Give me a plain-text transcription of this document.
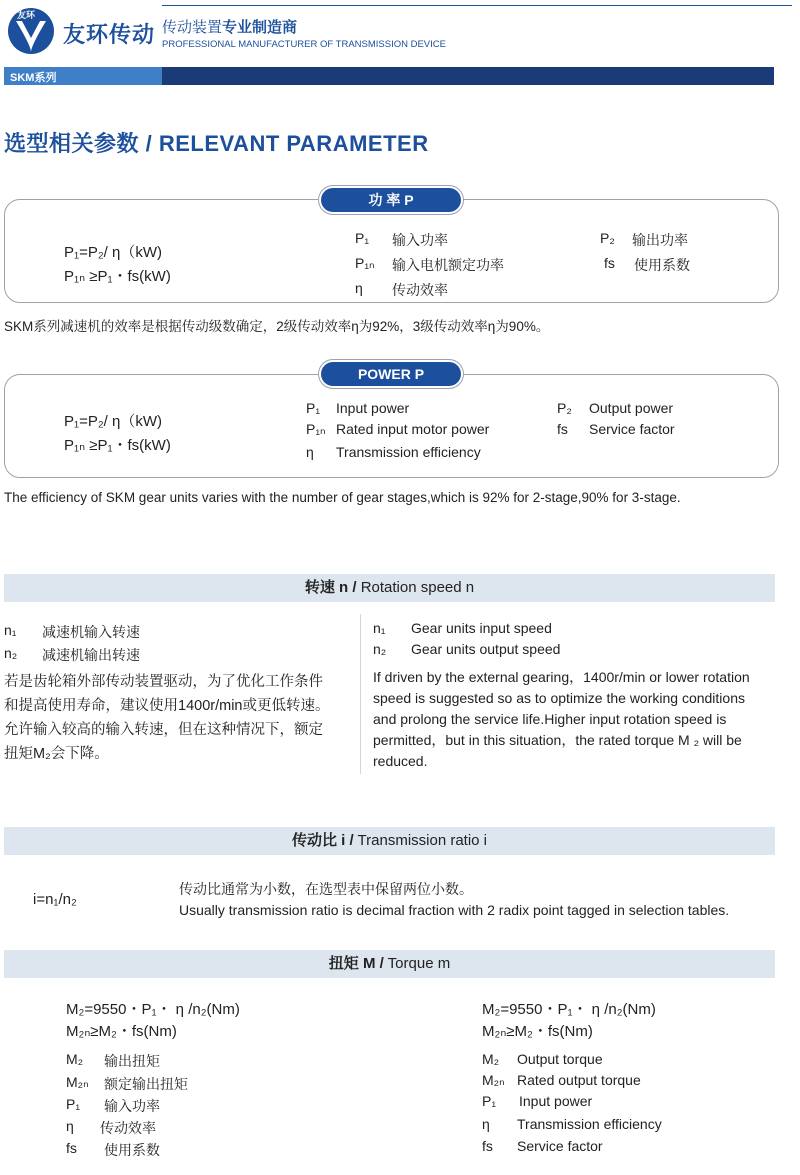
友环
友环传动 传动装置专业制造商
PROFESSIONAL MANUFACTURER OF TRANSMISSION DEVICE
SKM系列
选型相关参数 / RELEVANT PARAMETER
功 率 P
P₁=P₂/ η（kW)
P₁ₙ ≥P₁・fs(kW)
P₁ 输入功率
P₁ₙ 输入电机额定功率
η 传动效率
P₂ 输出功率
fs 使用系数
SKM系列减速机的效率是根据传动级数确定，2级传动效率η为92%，3级传动效率η为90%。
POWER P
P₁=P₂/ η（kW)
P₁ₙ ≥P₁・fs(kW)
P₁ Input power
P₁ₙ Rated input motor power
η Transmission efficiency
P₂ Output power
fs Service factor
The efficiency of SKM gear units varies with the number of gear stages,which is 92% for 2-stage,90% for 3-stage.
转速 n / Rotation speed n
n₁ 减速机输入转速
n₂ 减速机输出转速
若是齿轮箱外部传动装置驱动，为了优化工作条件
和提高使用寿命，建议使用1400r/min或更低转速。
允许输入较高的输入转速，但在这种情况下，额定
扭矩M₂会下降。
n₁ Gear units input speed
n₂ Gear units output speed
If driven by the external gearing，1400r/min or lower rotation
speed is suggested so as to optimize the working conditions
and prolong the service life.Higher input rotation speed is
permitted，but in this situation，the rated torque M ₂ will be
reduced.
传动比 i / Transmission ratio i
i=n₁/n₂
传动比通常为小数，在选型表中保留两位小数。
Usually transmission ratio is decimal fraction with 2 radix point tagged in selection tables.
扭矩 M / Torque m
M₂=9550・P₁・ η /n₂(Nm)
M₂ₙ≥M₂・fs(Nm)
M₂=9550・P₁・ η /n₂(Nm)
M₂ₙ≥M₂・fs(Nm)
M₂ 输出扭矩
M₂ₙ 额定输出扭矩
P₁ 输入功率
η 传动效率
fs 使用系数
M₂ Output torque
M₂ₙ Rated output torque
P₁ Input power
η Transmission efficiency
fs Service factor
